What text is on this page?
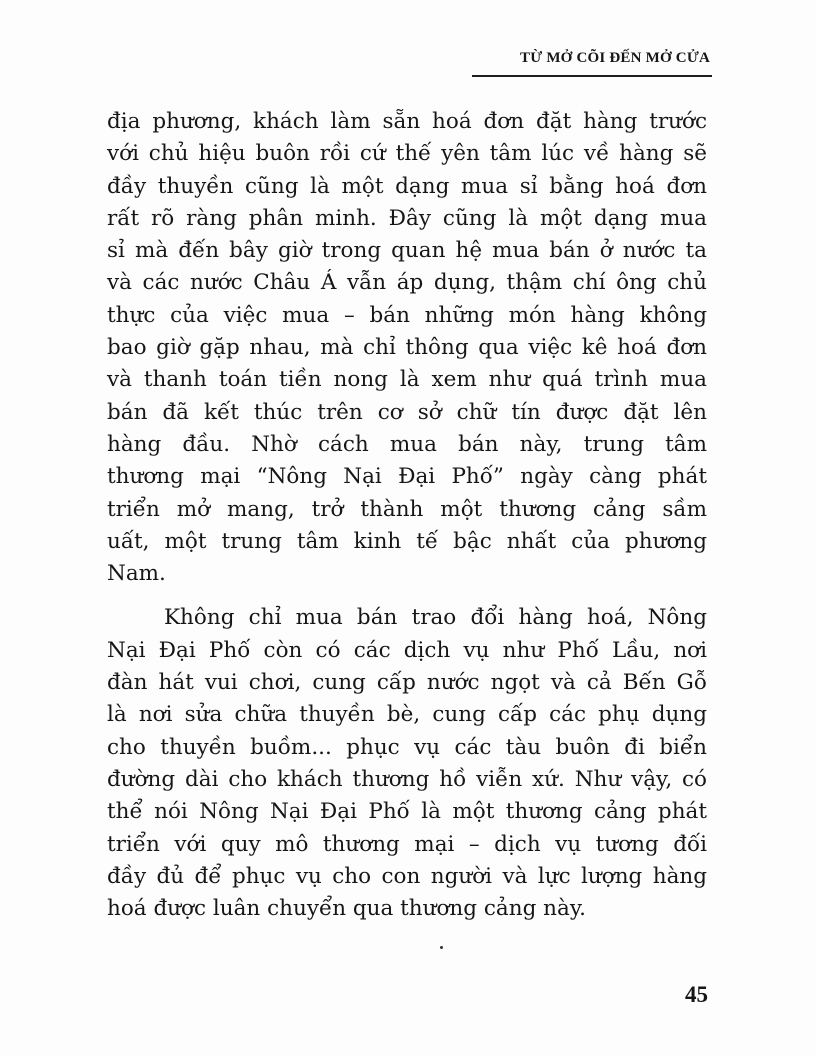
TỪ MỞ CÕI ĐẾN MỞ CỬA

địa phương, khách làm sẵn hoá đơn đặt hàng trước
với chủ hiệu buôn rồi cứ thế yên tâm lúc về hàng sẽ
đầy thuyền cũng là một dạng mua sỉ bằng hoá đơn
rất rõ ràng phân minh. Đây cũng là một dạng mua
sỉ mà đến bây giờ trong quan hệ mua bán ở nước ta
và các nước Châu Á vẫn áp dụng, thậm chí ông chủ
thực của việc mua – bán những món hàng không
bao giờ gặp nhau, mà chỉ thông qua việc kê hoá đơn
và thanh toán tiền nong là xem như quá trình mua
bán đã kết thúc trên cơ sở chữ tín được đặt lên
hàng đầu. Nhờ cách mua bán này, trung tâm
thương mại “Nông Nại Đại Phố” ngày càng phát
triển mở mang, trở thành một thương cảng sầm
uất, một trung tâm kinh tế bậc nhất của phương
Nam.

Không chỉ mua bán trao đổi hàng hoá, Nông
Nại Đại Phố còn có các dịch vụ như Phố Lầu, nơi
đàn hát vui chơi, cung cấp nước ngọt và cả Bến Gỗ
là nơi sửa chữa thuyền bè, cung cấp các phụ dụng
cho thuyền buồm... phục vụ các tàu buôn đi biển
đường dài cho khách thương hồ viễn xứ. Như vậy, có
thể nói Nông Nại Đại Phố là một thương cảng phát
triển với quy mô thương mại – dịch vụ tương đối
đầy đủ để phục vụ cho con người và lực lượng hàng
hoá được luân chuyển qua thương cảng này.

45
